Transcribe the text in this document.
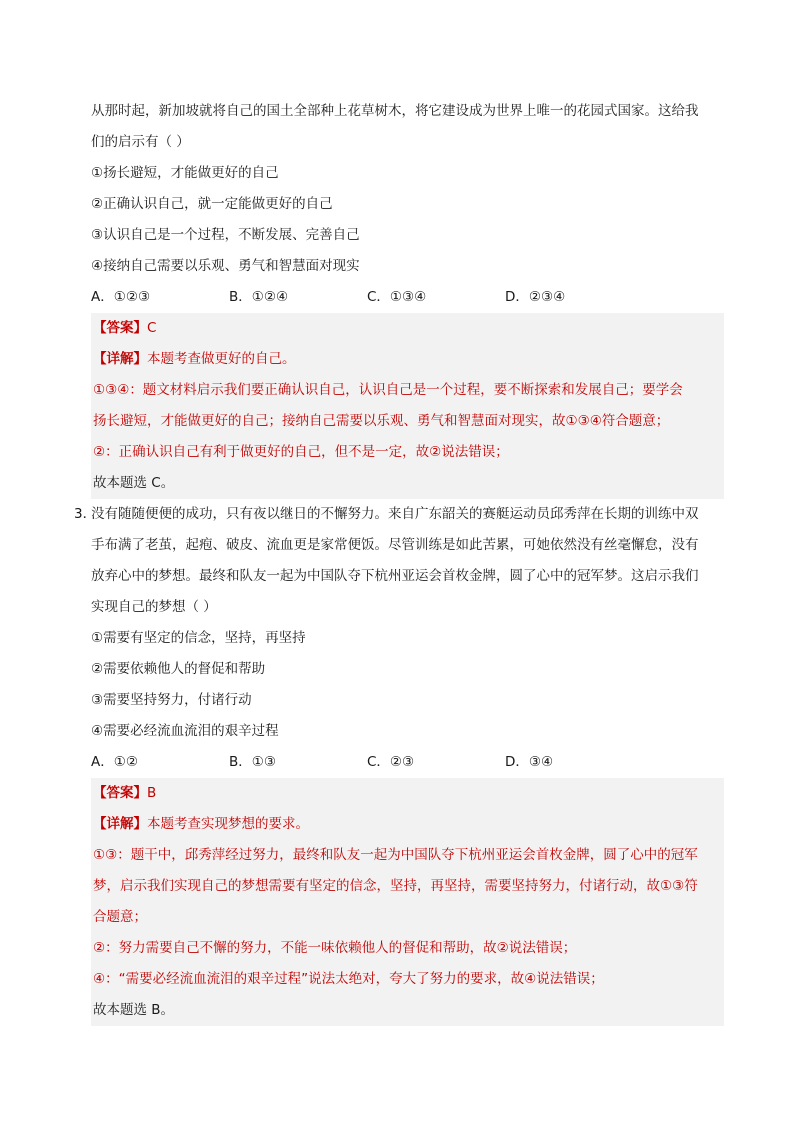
从那时起，新加坡就将自己的国土全部种上花草树木，将它建设成为世界上唯一的花园式国家。这给我
们的启示有（ ）
①扬长避短，才能做更好的自己
②正确认识自己，就一定能做更好的自己
③认识自己是一个过程，不断发展、完善自己
④接纳自己需要以乐观、勇气和智慧面对现实
A．①②③	B．①②④	C．①③④	D．②③④
【答案】C
【详解】本题考查做更好的自己。
①③④：题文材料启示我们要正确认识自己，认识自己是一个过程，要不断探索和发展自己；要学会
扬长避短，才能做更好的自己；接纳自己需要以乐观、勇气和智慧面对现实，故①③④符合题意；
②：正确认识自己有利于做更好的自己，但不是一定，故②说法错误；
故本题选 C。
3．
没有随随便便的成功，只有夜以继日的不懈努力。来自广东韶关的赛艇运动员邱秀萍在长期的训练中双
手布满了老茧，起疱、破皮、流血更是家常便饭。尽管训练是如此苦累，可她依然没有丝毫懈怠，没有
放弃心中的梦想。最终和队友一起为中国队夺下杭州亚运会首枚金牌，圆了心中的冠军梦。这启示我们
实现自己的梦想（ ）
①需要有坚定的信念，坚持，再坚持
②需要依赖他人的督促和帮助
③需要坚持努力，付诸行动
④需要必经流血流泪的艰辛过程
A．①②	B．①③	C．②③	D．③④
【答案】B
【详解】本题考查实现梦想的要求。
①③：题干中，邱秀萍经过努力，最终和队友一起为中国队夺下杭州亚运会首枚金牌，圆了心中的冠军
梦，启示我们实现自己的梦想需要有坚定的信念，坚持，再坚持，需要坚持努力，付诸行动，故①③符
合题意；
②：努力需要自己不懈的努力，不能一味依赖他人的督促和帮助，故②说法错误；
④：“需要必经流血流泪的艰辛过程”说法太绝对，夸大了努力的要求，故④说法错误；
故本题选 B。
